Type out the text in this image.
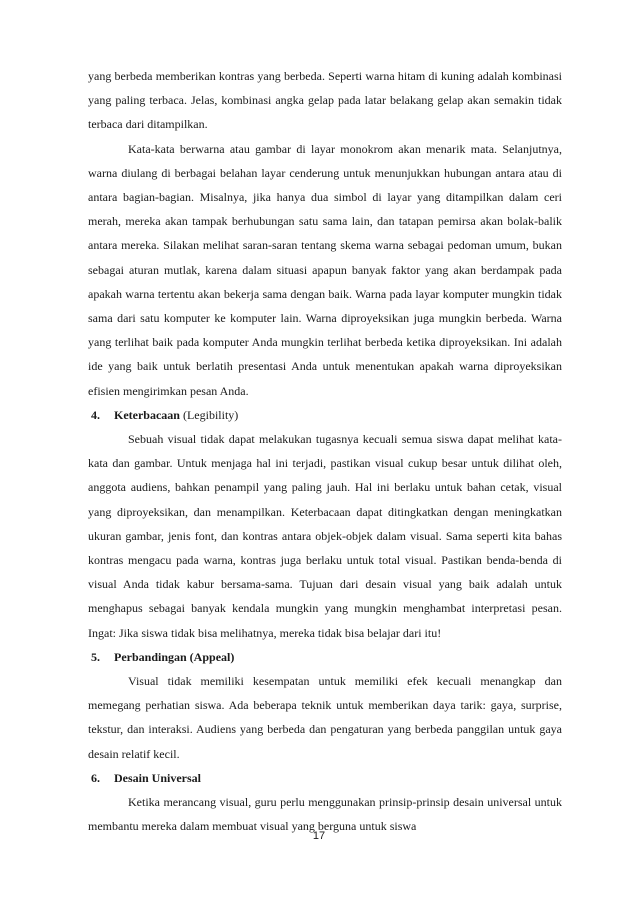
yang berbeda memberikan kontras yang berbeda. Seperti warna hitam di kuning adalah kombinasi yang paling terbaca. Jelas, kombinasi angka gelap pada latar belakang gelap akan semakin tidak terbaca dari ditampilkan.

Kata-kata berwarna atau gambar di layar monokrom akan menarik mata. Selanjutnya, warna diulang di berbagai belahan layar cenderung untuk menunjukkan hubungan antara atau di antara bagian-bagian. Misalnya, jika hanya dua simbol di layar yang ditampilkan dalam ceri merah, mereka akan tampak berhubungan satu sama lain, dan tatapan pemirsa akan bolak-balik antara mereka. Silakan melihat saran-saran tentang skema warna sebagai pedoman umum, bukan sebagai aturan mutlak, karena dalam situasi apapun banyak faktor yang akan berdampak pada apakah warna tertentu akan bekerja sama dengan baik. Warna pada layar komputer mungkin tidak sama dari satu komputer ke komputer lain. Warna diproyeksikan juga mungkin berbeda. Warna yang terlihat baik pada komputer Anda mungkin terlihat berbeda ketika diproyeksikan. Ini adalah ide yang baik untuk berlatih presentasi Anda untuk menentukan apakah warna diproyeksikan efisien mengirimkan pesan Anda.

4. Keterbacaan (Legibility)

Sebuah visual tidak dapat melakukan tugasnya kecuali semua siswa dapat melihat kata-kata dan gambar. Untuk menjaga hal ini terjadi, pastikan visual cukup besar untuk dilihat oleh, anggota audiens, bahkan penampil yang paling jauh. Hal ini berlaku untuk bahan cetak, visual yang diproyeksikan, dan menampilkan. Keterbacaan dapat ditingkatkan dengan meningkatkan ukuran gambar, jenis font, dan kontras antara objek-objek dalam visual. Sama seperti kita bahas kontras mengacu pada warna, kontras juga berlaku untuk total visual. Pastikan benda-benda di visual Anda tidak kabur bersama-sama. Tujuan dari desain visual yang baik adalah untuk menghapus sebagai banyak kendala mungkin yang mungkin menghambat interpretasi pesan. Ingat: Jika siswa tidak bisa melihatnya, mereka tidak bisa belajar dari itu!

5. Perbandingan (Appeal)

Visual tidak memiliki kesempatan untuk memiliki efek kecuali menangkap dan memegang perhatian siswa. Ada beberapa teknik untuk memberikan daya tarik: gaya, surprise, tekstur, dan interaksi. Audiens yang berbeda dan pengaturan yang berbeda panggilan untuk gaya desain relatif kecil.

6. Desain Universal

Ketika merancang visual, guru perlu menggunakan prinsip-prinsip desain universal untuk membantu mereka dalam membuat visual yang berguna untuk siswa

17
